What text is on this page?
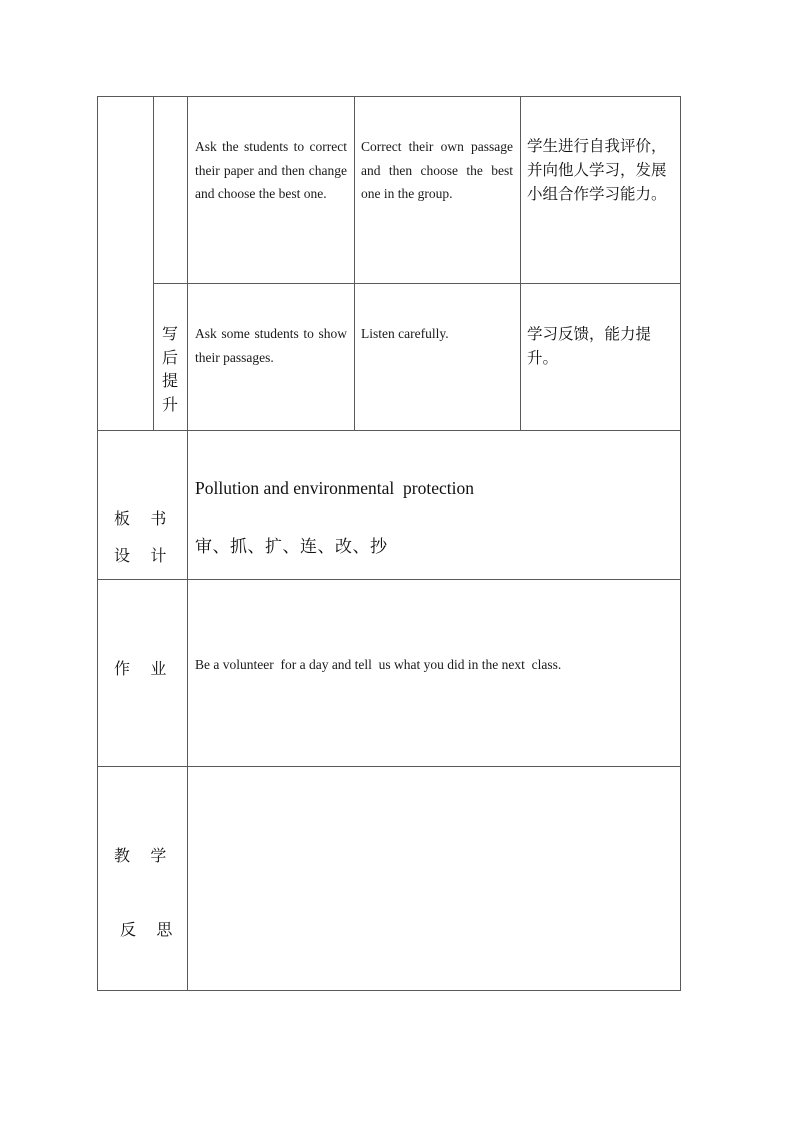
Ask the students to correct their paper and then change and choose the best one.
Correct their own passage and then choose the best one in the group.
学生进行自我评价，并向他人学习，发展小组合作学习能力。
写后提升
Ask some students to show their passages.
Listen carefully.	学习反馈，能力提升。
板    书
设    计
Pollution and environmental  protection
审、抓、扩、连、改、抄
作    业 Be a volunteer  for a day and tell  us what you did in the next  class.
教    学
反    思
